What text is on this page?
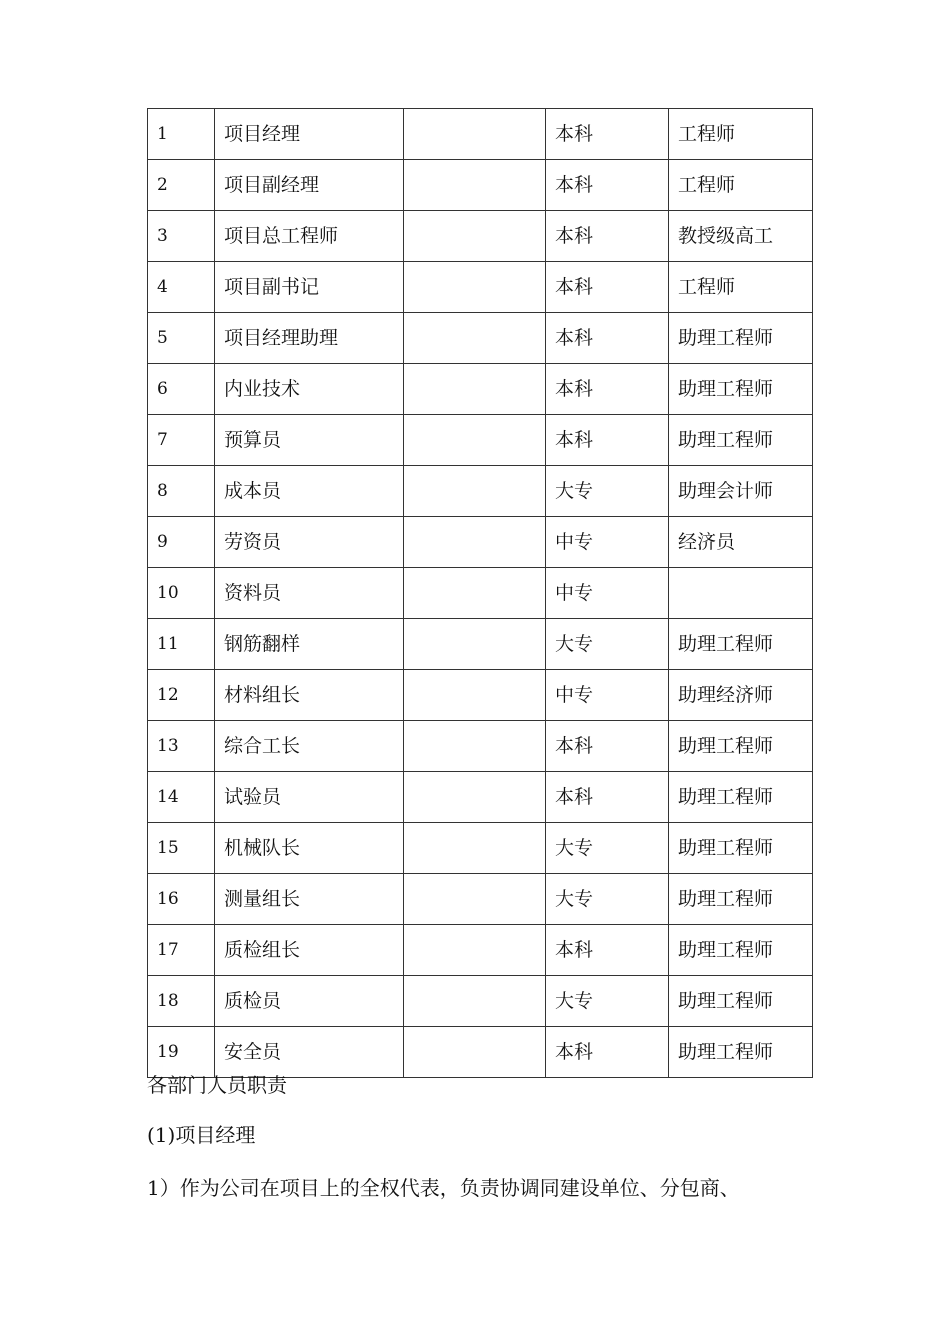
1	项目经理		本科	工程师
2	项目副经理		本科	工程师
3	项目总工程师		本科	教授级高工
4	项目副书记		本科	工程师
5	项目经理助理		本科	助理工程师
6	内业技术		本科	助理工程师
7	预算员		本科	助理工程师
8	成本员		大专	助理会计师
9	劳资员		中专	经济员
10	资料员		中专	
11	钢筋翻样		大专	助理工程师
12	材料组长		中专	助理经济师
13	综合工长		本科	助理工程师
14	试验员		本科	助理工程师
15	机械队长		大专	助理工程师
16	测量组长		大专	助理工程师
17	质检组长		本科	助理工程师
18	质检员		大专	助理工程师
19	安全员		本科	助理工程师

各部门人员职责

(1)项目经理

1）作为公司在项目上的全权代表，负责协调同建设单位、分包商、
